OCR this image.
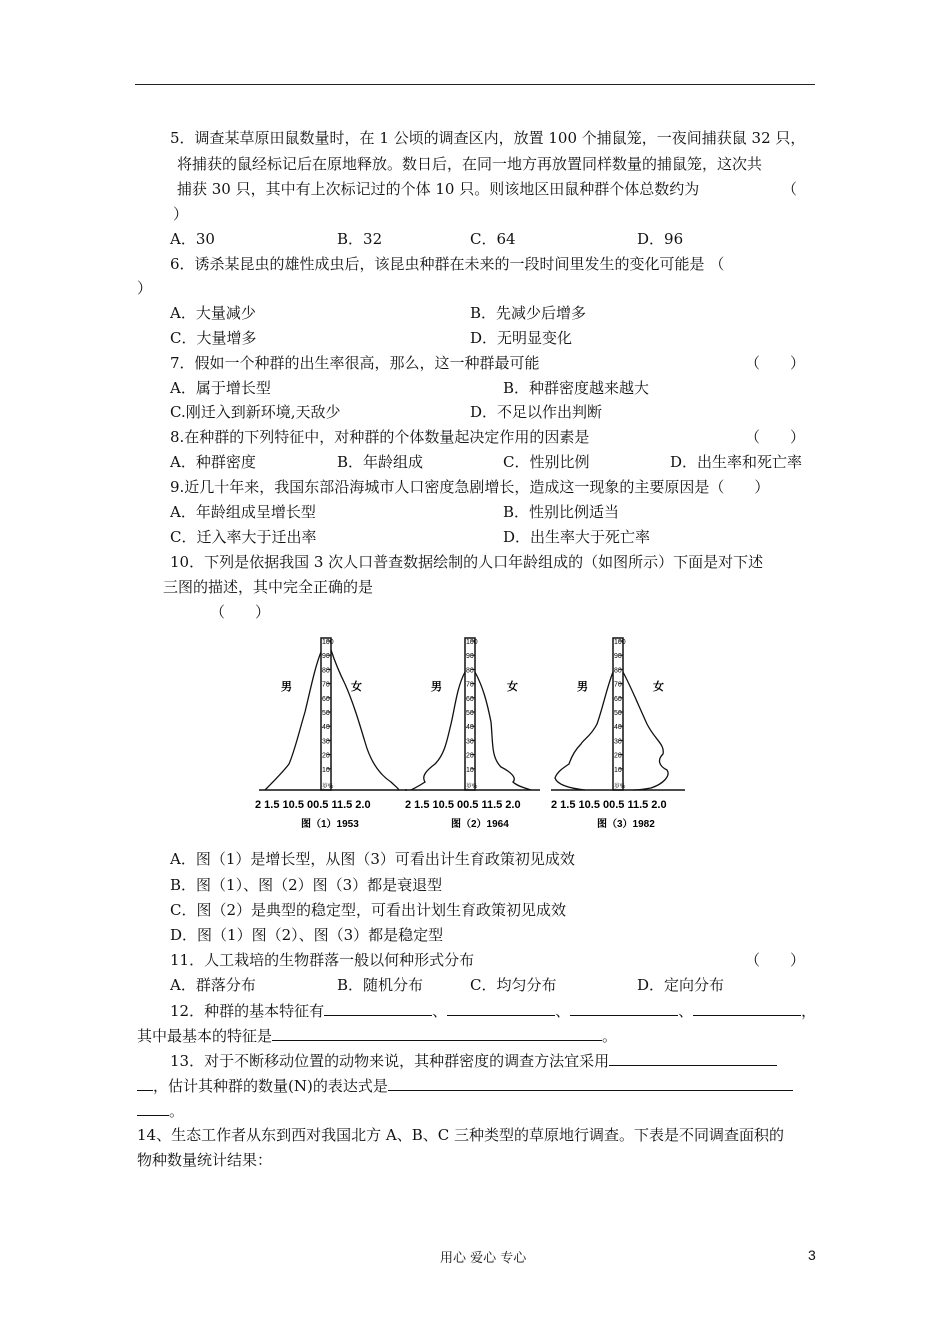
5．调查某草原田鼠数量时，在 1 公顷的调查区内，放置 100 个捕鼠笼，一夜间捕获鼠 32 只，
将捕获的鼠经标记后在原地释放。数日后，在同一地方再放置同样数量的捕鼠笼，这次共
捕获 30 只，其中有上次标记过的个体 10 只。则该地区田鼠种群个体总数约为	（
）
A．30	B．32	C．64	D．96
6．诱杀某昆虫的雄性成虫后，该昆虫种群在未来的一段时间里发生的变化可能是 （
）
A．大量减少	B．先减少后增多
C．大量增多	D．无明显变化
7．假如一个种群的出生率很高，那么，这一种群最可能	（　　）
A．属于增长型	B．种群密度越来越大
C.刚迁入到新环境,天敌少	D．不足以作出判断
8.在种群的下列特征中，对种群的个体数量起决定作用的因素是	（　　）
A．种群密度	B．年龄组成	C．性别比例	D．出生率和死亡率
9.近几十年来，我国东部沿海城市人口密度急剧增长，造成这一现象的主要原因是（　　）
A．年龄组成呈增长型	B．性别比例适当
C．迁入率大于迁出率	D．出生率大于死亡率
10．下列是依据我国 3 次人口普查数据绘制的人口年龄组成的（如图所示）下面是对下述
三图的描述，其中完全正确的是
（　　）
100
90
80
70
60
50
40
30
20
10
岁%
男	女
2 1.5 10.5 00.5 11.5 2.0
图（1）1953
100
90
80
70
60
50
40
30
20
10
岁%
男	女
2 1.5 10.5 00.5 11.5 2.0
图（2）1964
100
90
80
70
60
50
40
30
20
10
岁%
男	女
2 1.5 10.5 00.5 11.5 2.0
图（3）1982
A．图（1）是增长型，从图（3）可看出计生育政策初见成效
B．图（1）、图（2）图（3）都是衰退型
C．图（2）是典型的稳定型，可看出计划生育政策初见成效
D．图（1）图（2）、图（3）都是稳定型
11．人工栽培的生物群落一般以何种形式分布	（　　）
A．群落分布	B．随机分布	C．均匀分布	D．定向分布
12．种群的基本特征有	、	、	、	，
其中最基本的特征是	。
13．对于不断移动位置的动物来说，其种群密度的调查方法宜采用
，估计其种群的数量(N)的表达式是
。
14、生态工作者从东到西对我国北方 A、B、C 三种类型的草原地行调查。下表是不同调查面积的
物种数量统计结果：
用心 爱心 专心	3
